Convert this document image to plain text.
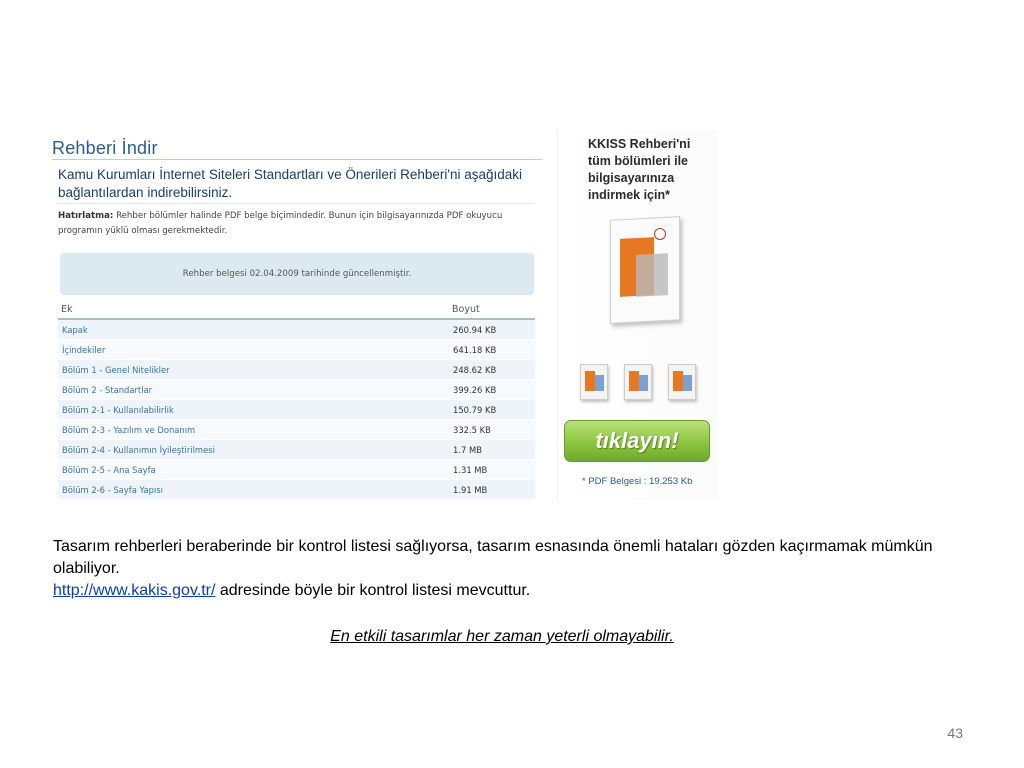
Rehberi İndir
Kamu Kurumları İnternet Siteleri Standartları ve Önerileri Rehberi'ni aşağıdaki bağlantılardan indirebilirsiniz.
Hatırlatma: Rehber bölümler halinde PDF belge biçimindedir. Bunun için bilgisayarınızda PDF okuyucu programın yüklü olması gerekmektedir.
Rehber belgesi 02.04.2009 tarihinde güncellenmiştir.
Ek	Boyut
Kapak	260.94 KB
İçindekiler	641.18 KB
Bölüm 1 - Genel Nitelikler	248.62 KB
Bölüm 2 - Standartlar	399.26 KB
Bölüm 2-1 - Kullanılabilirlik	150.79 KB
Bölüm 2-3 - Yazılım ve Donanım	332.5 KB
Bölüm 2-4 - Kullanımın İyileştirilmesi	1.7 MB
Bölüm 2-5 - Ana Sayfa	1.31 MB
Bölüm 2-6 - Sayfa Yapısı	1.91 MB
KKISS Rehberi'ni tüm bölümleri ile bilgisayarınıza indirmek için*
tıklayın!
* PDF Belgesi : 19.253 Kb
Tasarım rehberleri beraberinde bir kontrol listesi sağlıyorsa, tasarım esnasında önemli hataları gözden kaçırmamak mümkün olabiliyor.
http://www.kakis.gov.tr/ adresinde böyle bir kontrol listesi mevcuttur.
En etkili tasarımlar her zaman yeterli olmayabilir.
43
